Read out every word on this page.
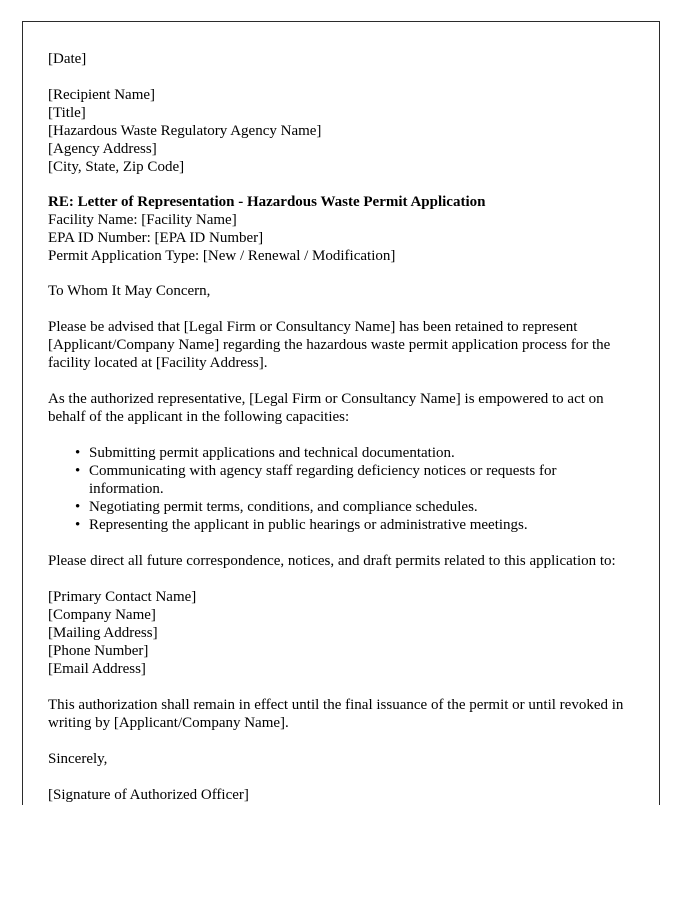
[Date]

[Recipient Name]

[Title]

[Hazardous Waste Regulatory Agency Name]

[Agency Address]

[City, State, Zip Code]

RE: Letter of Representation - Hazardous Waste Permit Application

Facility Name: [Facility Name]

EPA ID Number: [EPA ID Number]

Permit Application Type: [New / Renewal / Modification]

To Whom It May Concern,

Please be advised that [Legal Firm or Consultancy Name] has been retained to represent [Applicant/Company Name] regarding the hazardous waste permit application process for the facility located at [Facility Address].

As the authorized representative, [Legal Firm or Consultancy Name] is empowered to act on behalf of the applicant in the following capacities:

• Submitting permit applications and technical documentation.
• Communicating with agency staff regarding deficiency notices or requests for information.
• Negotiating permit terms, conditions, and compliance schedules.
• Representing the applicant in public hearings or administrative meetings.

Please direct all future correspondence, notices, and draft permits related to this application to:

[Primary Contact Name]

[Company Name]

[Mailing Address]

[Phone Number]

[Email Address]

This authorization shall remain in effect until the final issuance of the permit or until revoked in writing by [Applicant/Company Name].

Sincerely,

[Signature of Authorized Officer]
